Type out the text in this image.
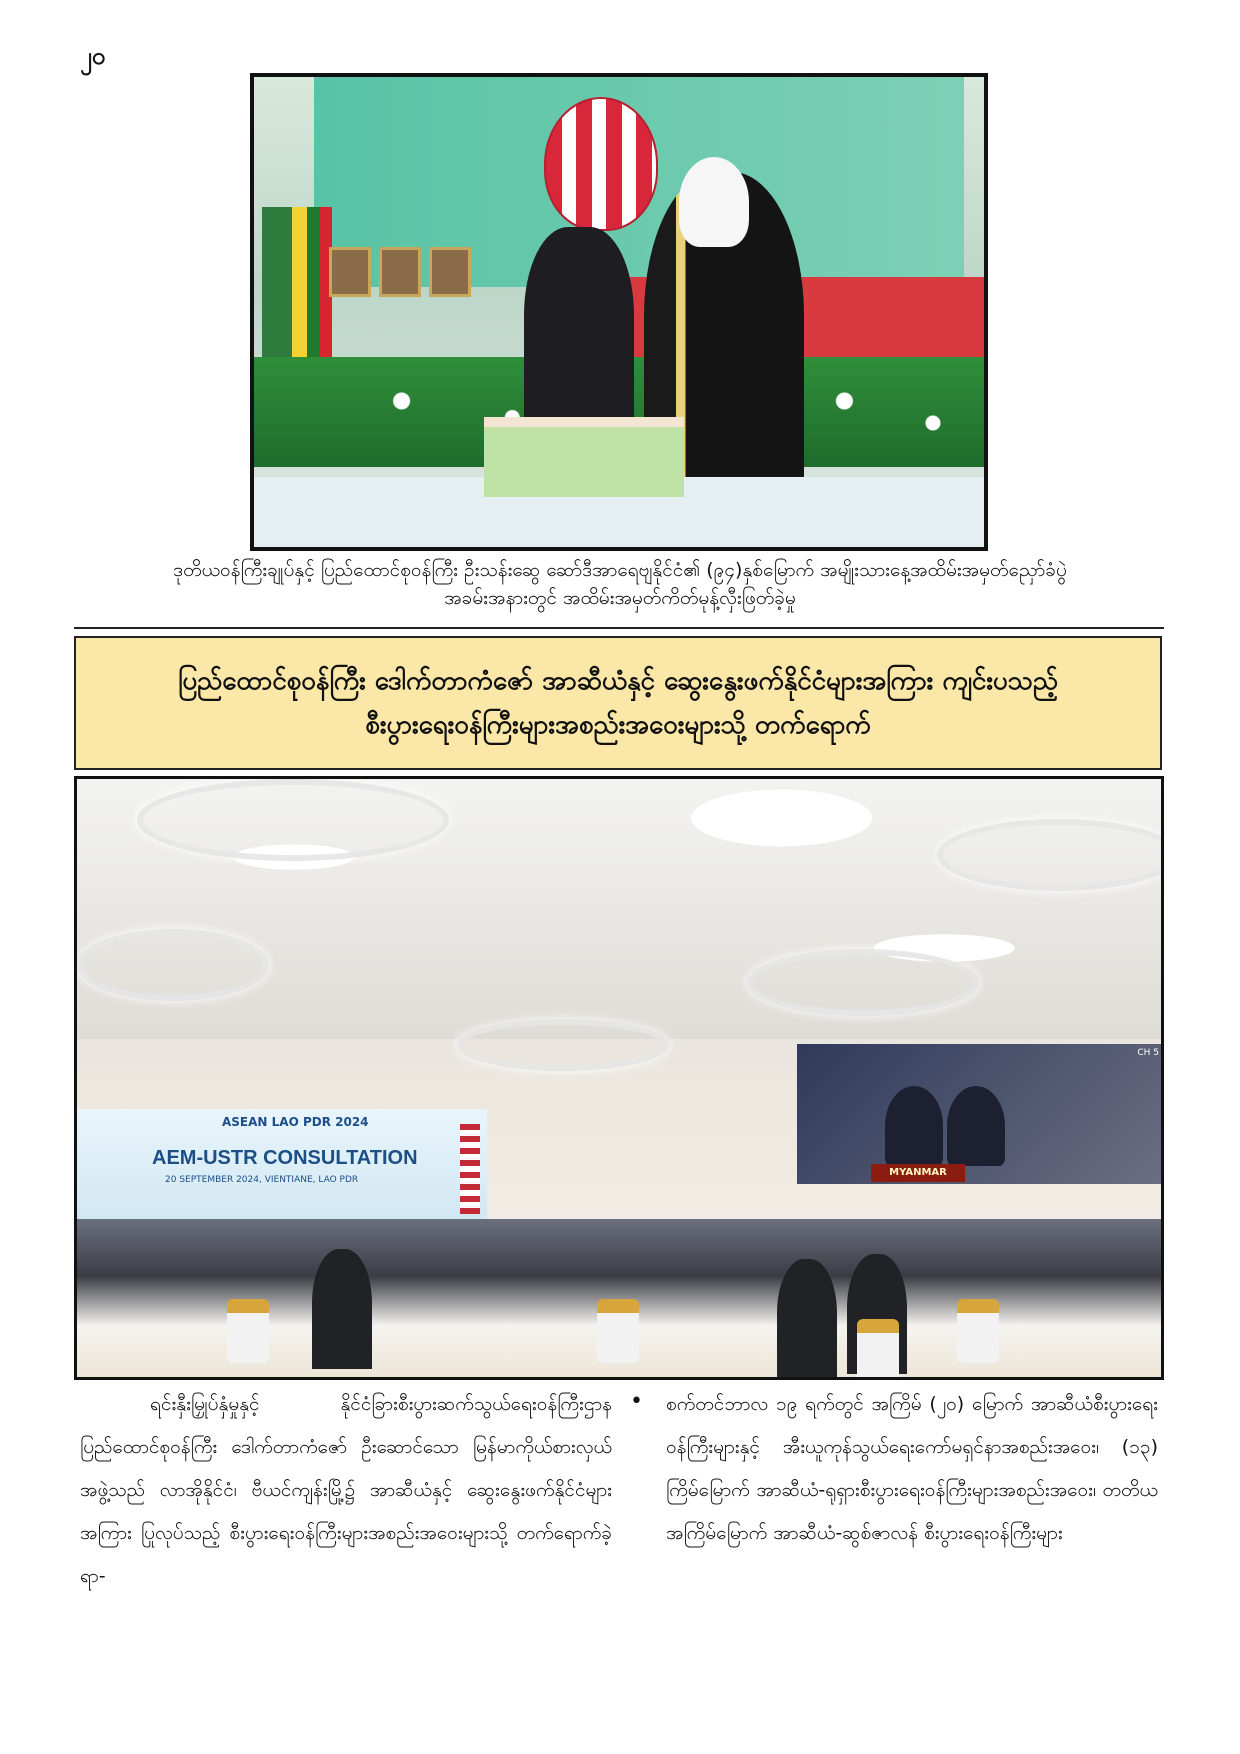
၂၀
ဒုတိယဝန်ကြီးချုပ်နှင့် ပြည်ထောင်စုဝန်ကြီး ဦးသန်းဆွေ ဆော်ဒီအာရေဗျနိုင်ငံ၏ (၉၄)နှစ်မြောက် အမျိုးသားနေ့အထိမ်းအမှတ်ညှော်ခံပွဲ
အခမ်းအနားတွင် အထိမ်းအမှတ်ကိတ်မုန့်လှီးဖြတ်ခဲ့မှု
ပြည်ထောင်စုဝန်ကြီး ဒေါက်တာကံဇော် အာဆီယံနှင့် ဆွေးနွေးဖက်နိုင်ငံများအကြား ကျင်းပသည့်
စီးပွားရေးဝန်ကြီးများအစည်းအဝေးများသို့ တက်ရောက်
ASEAN LAO PDR 2024
AEM-USTR CONSULTATION
20 SEPTEMBER 2024, VIENTIANE, LAO PDR
CH 5
MYANMAR
ရင်းနှီးမြှုပ်နှံမှုနှင့် နိုင်ငံခြားစီးပွားဆက်သွယ်ရေးဝန်ကြီးဌာန ပြည်ထောင်စုဝန်ကြီး ဒေါက်တာကံဇော် ဦးဆောင်သော မြန်မာကိုယ်စားလှယ်အဖွဲ့သည် လာအိုနိုင်ငံ၊ ဗီယင်ကျန်းမြို့၌ အာဆီယံနှင့် ဆွေးနွေးဖက်နိုင်ငံများအကြား ပြုလုပ်သည့် စီးပွားရေးဝန်ကြီးများအစည်းအဝေးများသို့ တက်ရောက်ခဲ့ရာ-
• စက်တင်ဘာလ ၁၉ ရက်တွင် အကြိမ် (၂၀) မြောက် အာဆီယံစီးပွားရေးဝန်ကြီးများနှင့် အီးယူကုန်သွယ်ရေးကော်မရှင်နာအစည်းအဝေး၊ (၁၃) ကြိမ်မြောက် အာဆီယံ-ရုရှားစီးပွားရေးဝန်ကြီးများအစည်းအဝေး၊ တတိယအကြိမ်မြောက် အာဆီယံ-ဆွစ်ဇာလန် စီးပွားရေးဝန်ကြီးများ
